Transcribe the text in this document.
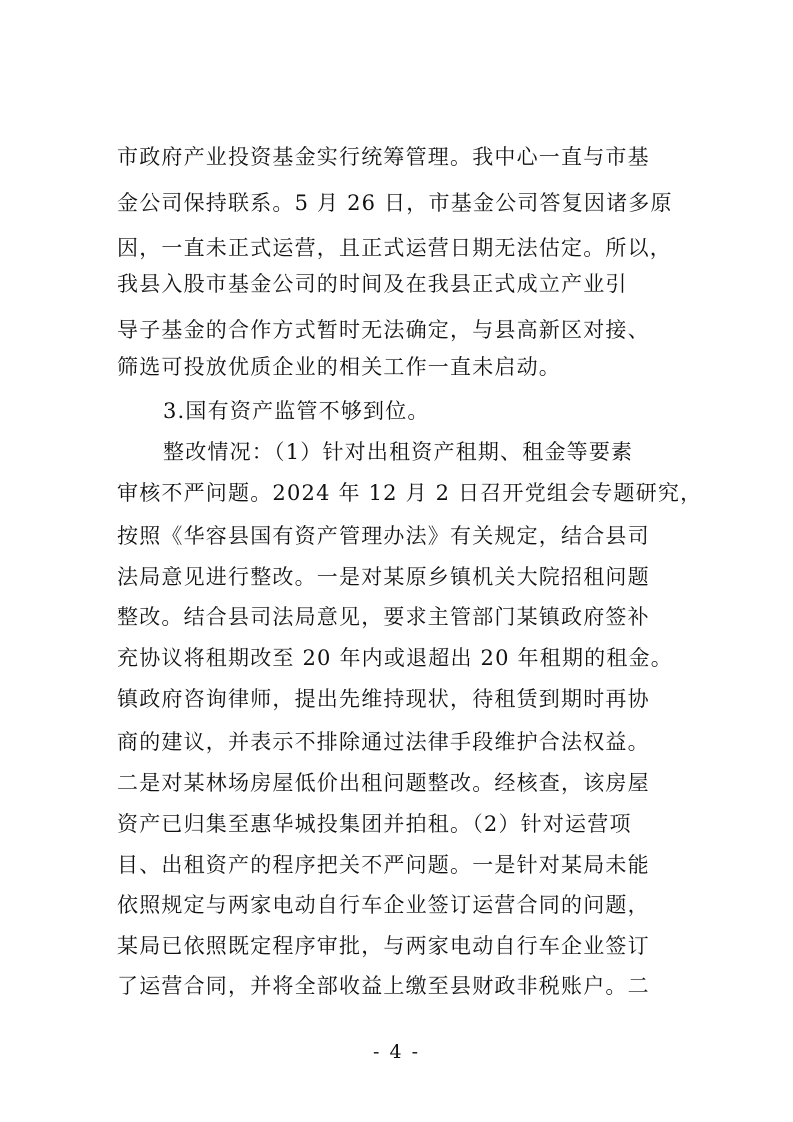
市政府产业投资基金实行统筹管理。我中心一直与市基
金公司保持联系。5 月 26 日，市基金公司答复因诸多原
因，一直未正式运营，且正式运营日期无法估定。所以，
我县入股市基金公司的时间及在我县正式成立产业引
导子基金的合作方式暂时无法确定，与县高新区对接、
筛选可投放优质企业的相关工作一直未启动。
3.国有资产监管不够到位。
整改情况：（1）针对出租资产租期、租金等要素
审核不严问题。2024 年 12 月 2 日召开党组会专题研究，
按照《华容县国有资产管理办法》有关规定，结合县司
法局意见进行整改。一是对某原乡镇机关大院招租问题
整改。结合县司法局意见，要求主管部门某镇政府签补
充协议将租期改至 20 年内或退超出 20 年租期的租金。
镇政府咨询律师，提出先维持现状，待租赁到期时再协
商的建议，并表示不排除通过法律手段维护合法权益。
二是对某林场房屋低价出租问题整改。经核查，该房屋
资产已归集至惠华城投集团并拍租。（2）针对运营项
目、出租资产的程序把关不严问题。一是针对某局未能
依照规定与两家电动自行车企业签订运营合同的问题，
某局已依照既定程序审批，与两家电动自行车企业签订
了运营合同，并将全部收益上缴至县财政非税账户。二
- 4 -
